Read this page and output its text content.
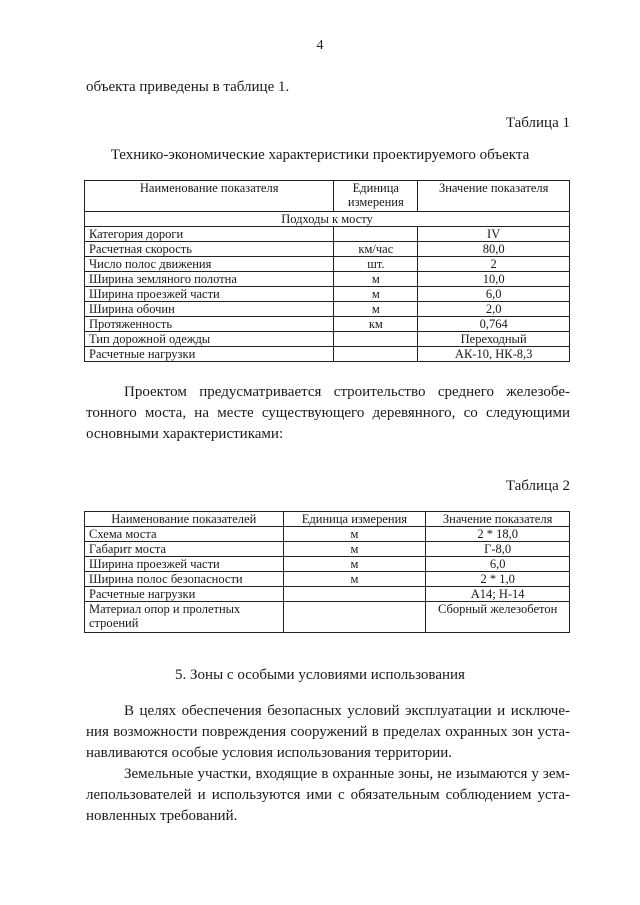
4
объекта приведены в таблице 1.
Таблица 1
Технико-экономические характеристики проектируемого объекта
Наименование показателя	Единица измерения	Значение показателя
Подходы к мосту		
Категория дороги		IV
Расчетная скорость	км/час	80,0
Число полос движения	шт.	2
Ширина земляного полотна	м	10,0
Ширина проезжей части	м	6,0
Ширина обочин	м	2,0
Протяженность	км	0,764
Тип дорожной одежды		Переходный
Расчетные нагрузки		АК-10, НК-8,3
Проектом предусматривается строительство среднего железобе-
тонного моста, на месте существующего деревянного, со следующими
основными характеристиками:
Таблица 2
Наименование показателей	Единица измерения	Значение показателя
Схема моста	м	2 * 18,0
Габарит моста	м	Г-8,0
Ширина проезжей части	м	6,0
Ширина полос безопасности	м	2 * 1,0
Расчетные нагрузки		А14; Н-14
Материал опор и пролетных строений		Сборный железобетон
5. Зоны с особыми условиями использования
В целях обеспечения безопасных условий эксплуатации и исключе-
ния возможности повреждения сооружений в пределах охранных зон уста-
навливаются особые условия использования территории.
Земельные участки, входящие в охранные зоны, не изымаются у зем-
лепользователей и используются ими с обязательным соблюдением уста-
новленных требований.
